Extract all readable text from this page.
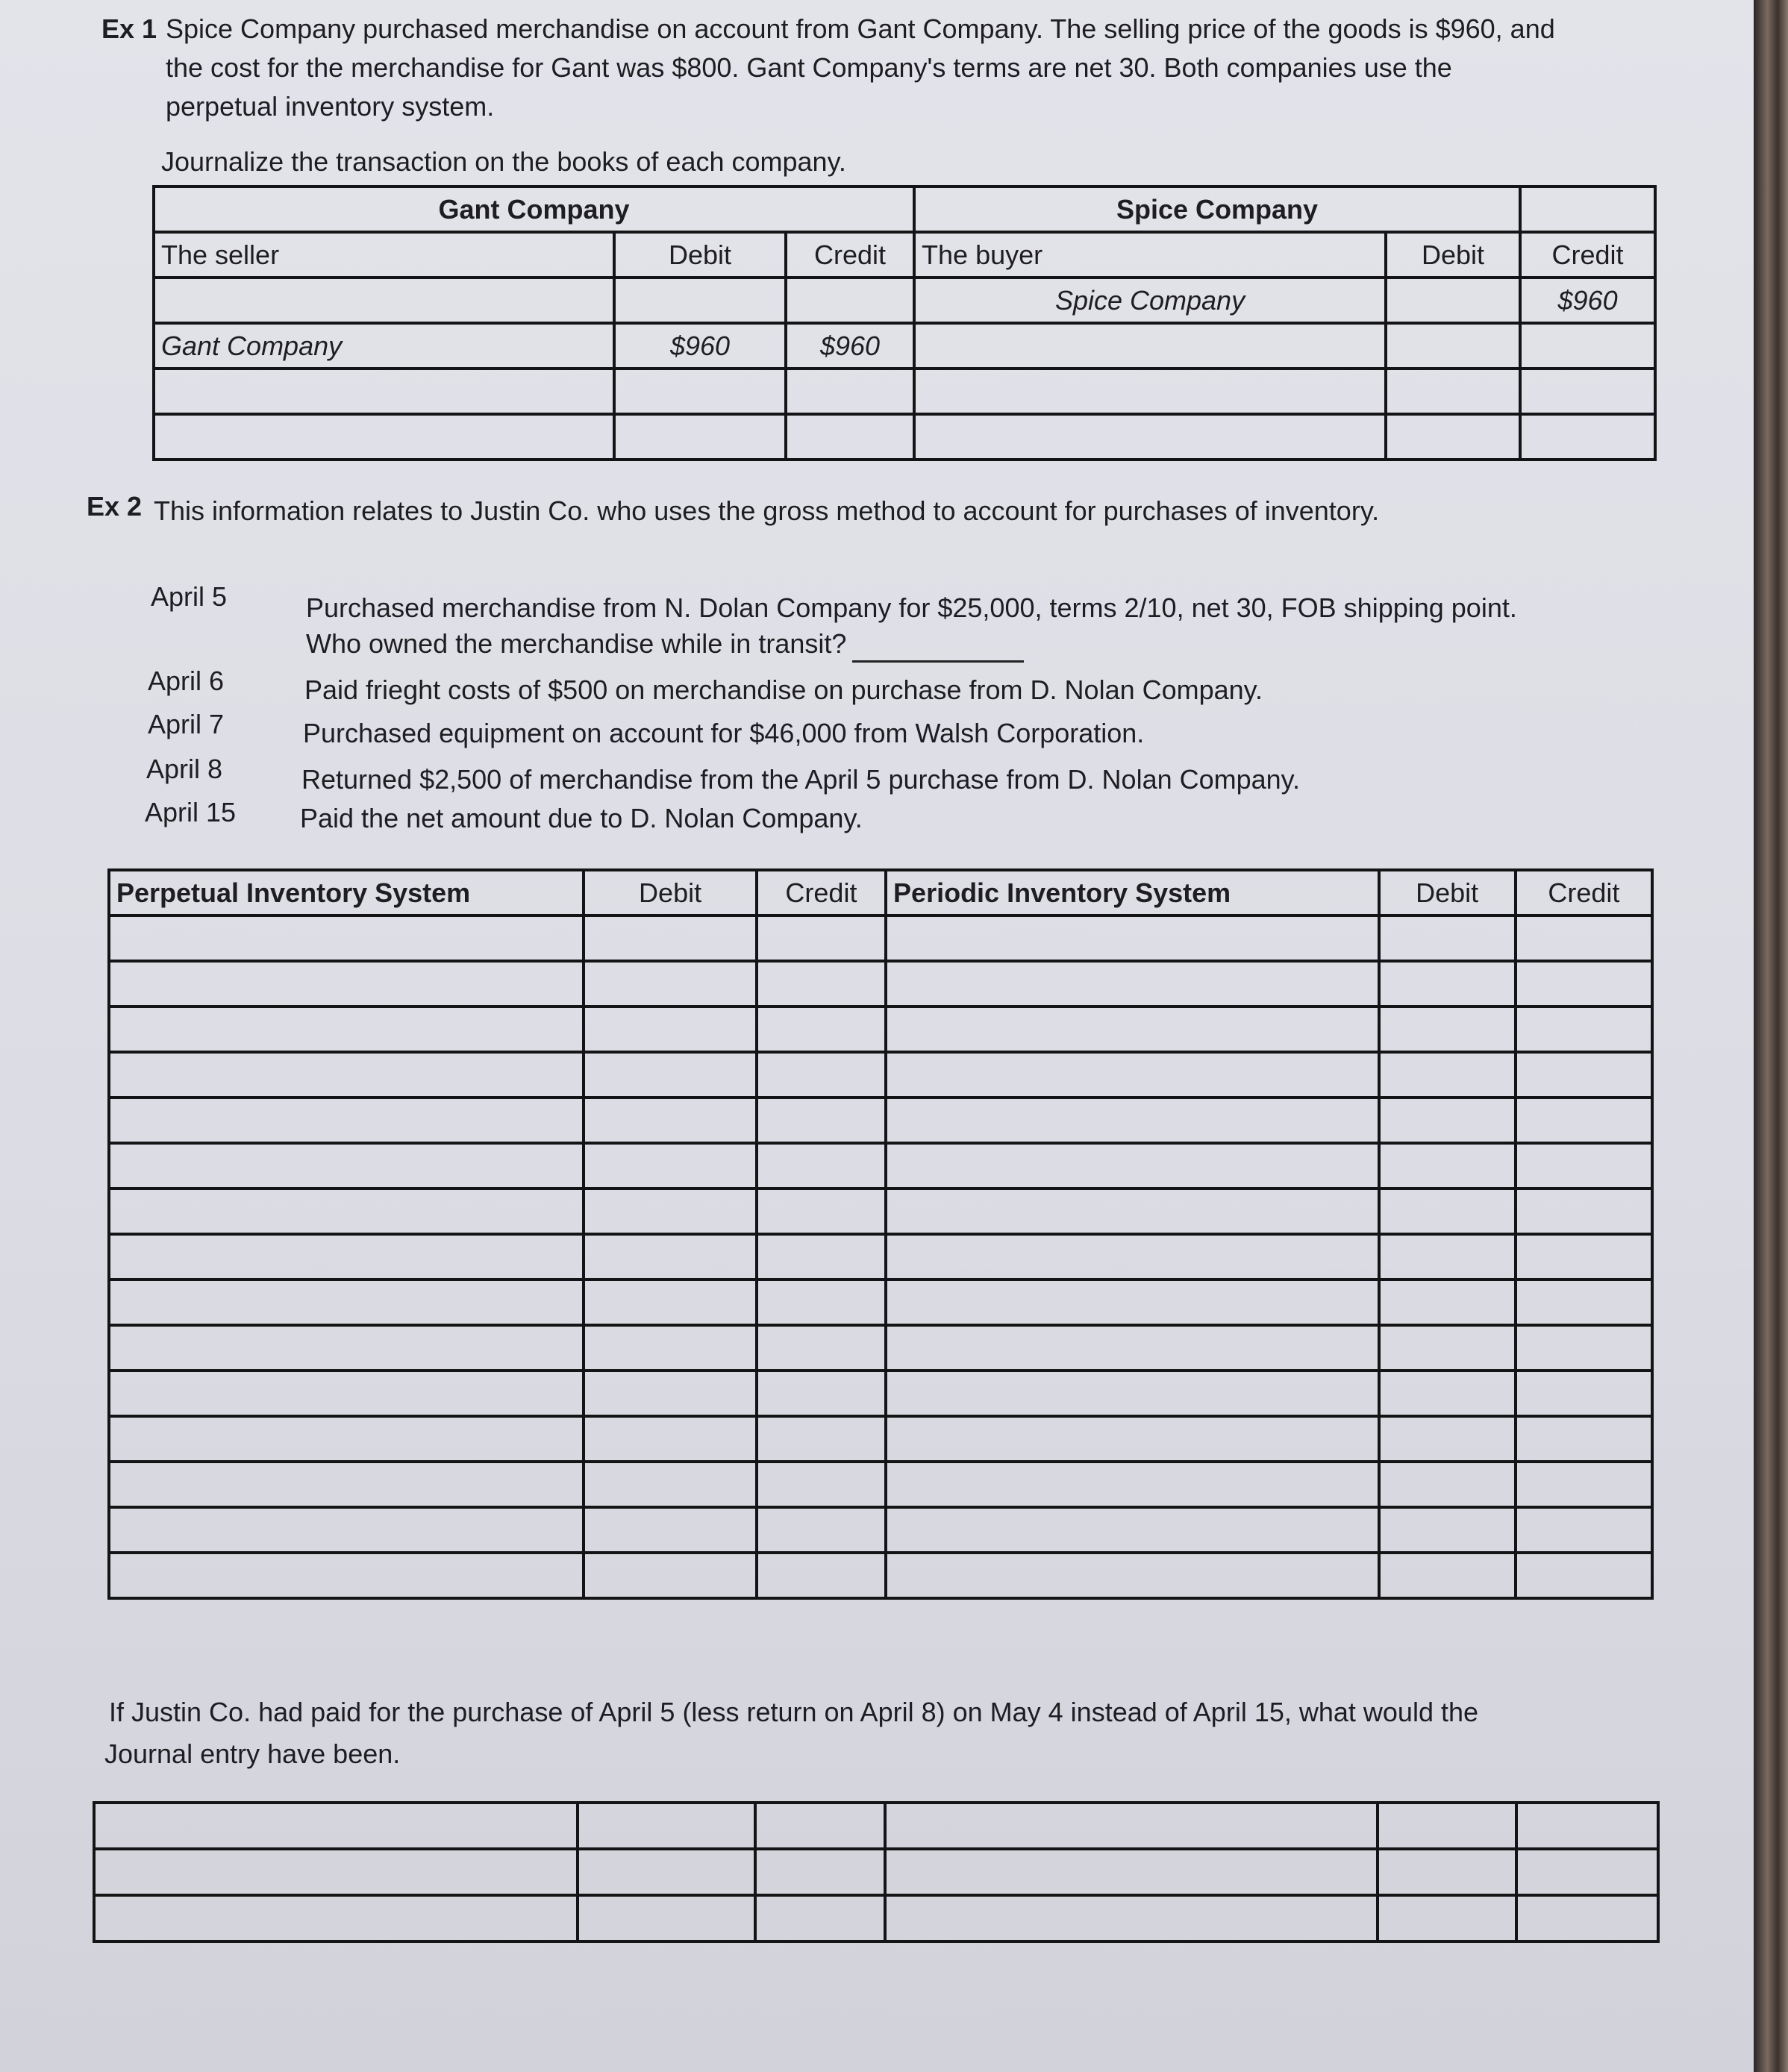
Ex 1 Spice Company purchased merchandise on account from Gant Company. The selling price of the goods is $960, and
the cost for the merchandise for Gant was $800. Gant Company's terms are net 30. Both companies use the
perpetual inventory system.
Journalize the transaction on the books of each company.
Gant Company			Spice Company		
The seller	Debit	Credit	The buyer	Debit	Credit
			Spice Company		$960
Gant Company	$960	$960			

Ex 2 This information relates to Justin Co. who uses the gross method to account for purchases of inventory.
April 5	Purchased merchandise from N. Dolan Company for $25,000, terms 2/10, net 30, FOB shipping point.
Who owned the merchandise while in transit?
April 6	Paid frieght costs of $500 on merchandise on purchase from D. Nolan Company.
April 7	Purchased equipment on account for $46,000 from Walsh Corporation.
April 8	Returned $2,500 of merchandise from the April 5 purchase from D. Nolan Company.
April 15 Paid the net amount due to D. Nolan Company.
Perpetual Inventory System	Debit	Credit	Periodic Inventory System	Debit	Credit

If Justin Co. had paid for the purchase of April 5 (less return on April 8) on May 4 instead of April 15, what would the
Journal entry have been.
